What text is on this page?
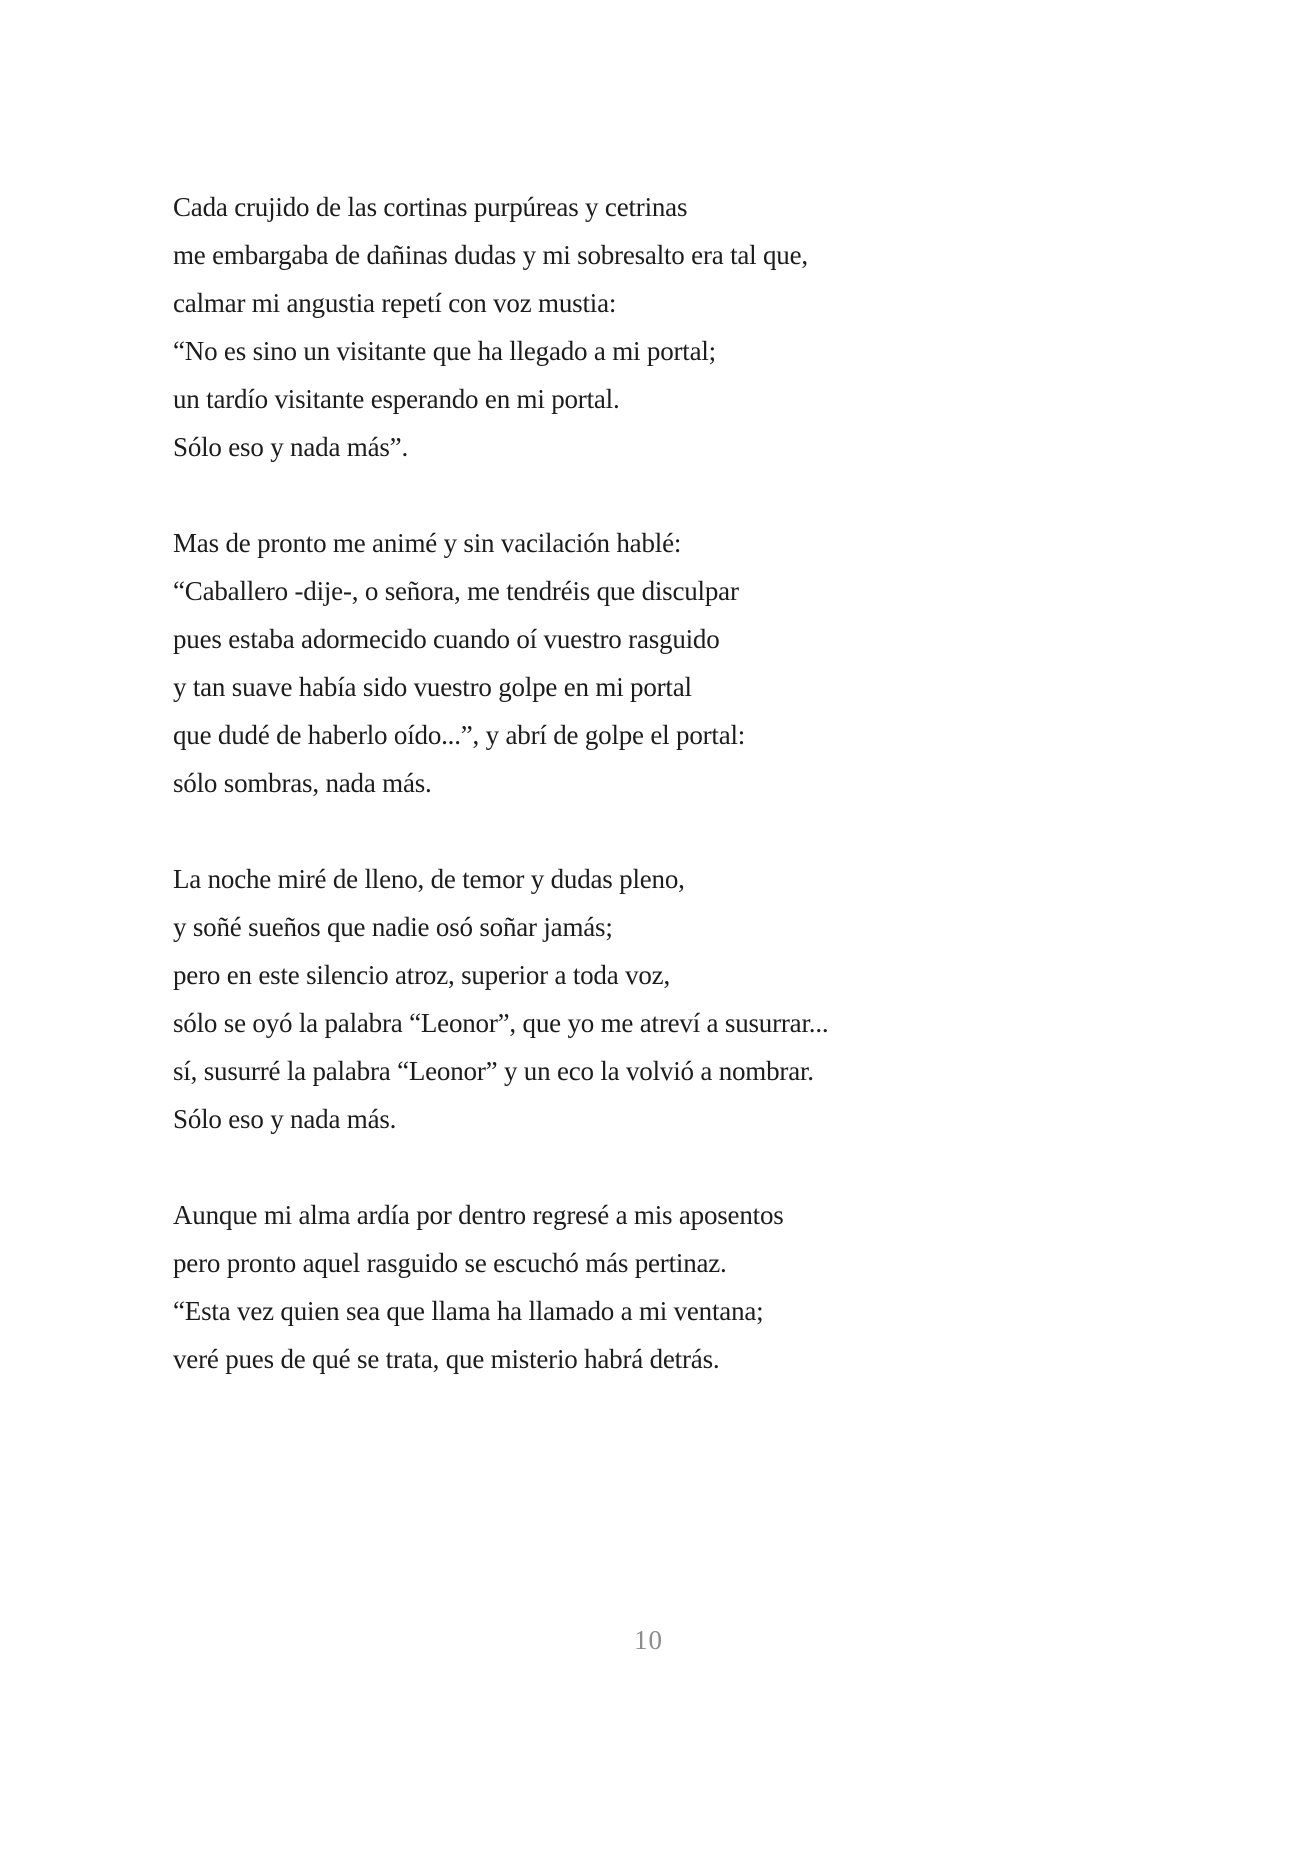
Cada crujido de las cortinas purpúreas y cetrinas
me embargaba de dañinas dudas y mi sobresalto era tal que,
calmar mi angustia repetí con voz mustia:
“No es sino un visitante que ha llegado a mi portal;
un tardío visitante esperando en mi portal.
Sólo eso y nada más”.

Mas de pronto me animé y sin vacilación hablé:
“Caballero -dije-, o señora, me tendréis que disculpar
pues estaba adormecido cuando oí vuestro rasguido
y tan suave había sido vuestro golpe en mi portal
que dudé de haberlo oído...”, y abrí de golpe el portal:
sólo sombras, nada más.

La noche miré de lleno, de temor y dudas pleno,
y soñé sueños que nadie osó soñar jamás;
pero en este silencio atroz, superior a toda voz,
sólo se oyó la palabra “Leonor”, que yo me atreví a susurrar...
sí, susurré la palabra “Leonor” y un eco la volvió a nombrar.
Sólo eso y nada más.

Aunque mi alma ardía por dentro regresé a mis aposentos
pero pronto aquel rasguido se escuchó más pertinaz.
“Esta vez quien sea que llama ha llamado a mi ventana;
veré pues de qué se trata, que misterio habrá detrás.

10
